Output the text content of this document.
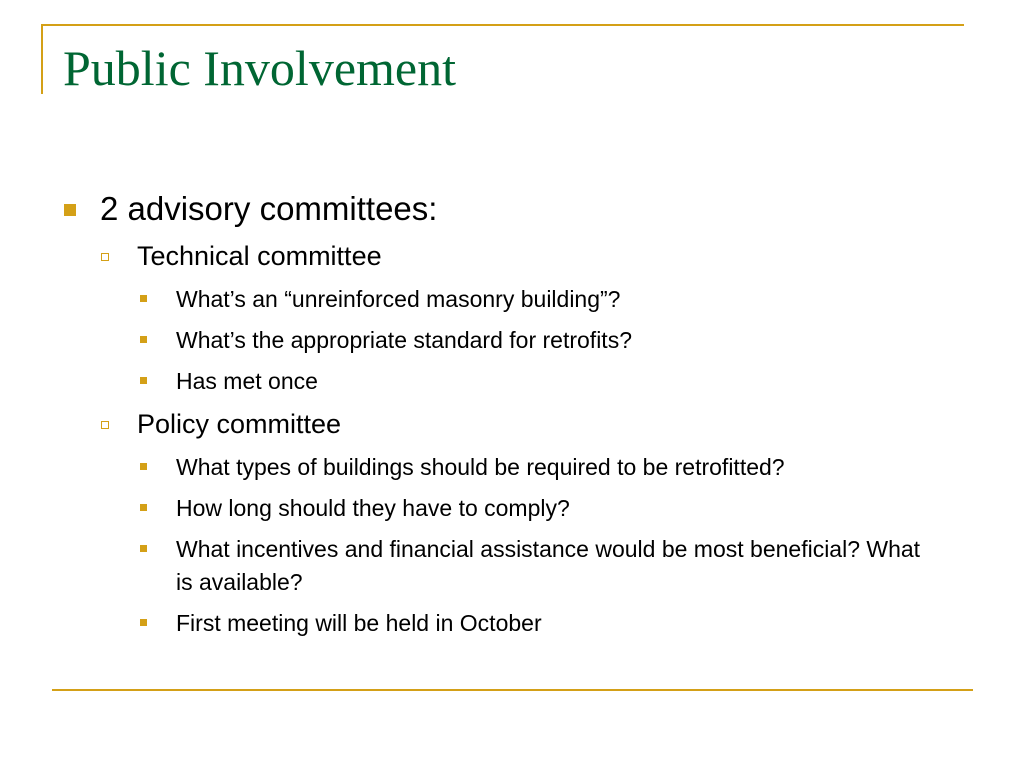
Public Involvement
2 advisory committees:
Technical committee
What’s an “unreinforced masonry building”?
What’s the appropriate standard for retrofits?
Has met once
Policy committee
What types of buildings should be required to be retrofitted?
How long should they have to comply?
What incentives and financial assistance would be most beneficial? What is available?
First meeting will be held in October
